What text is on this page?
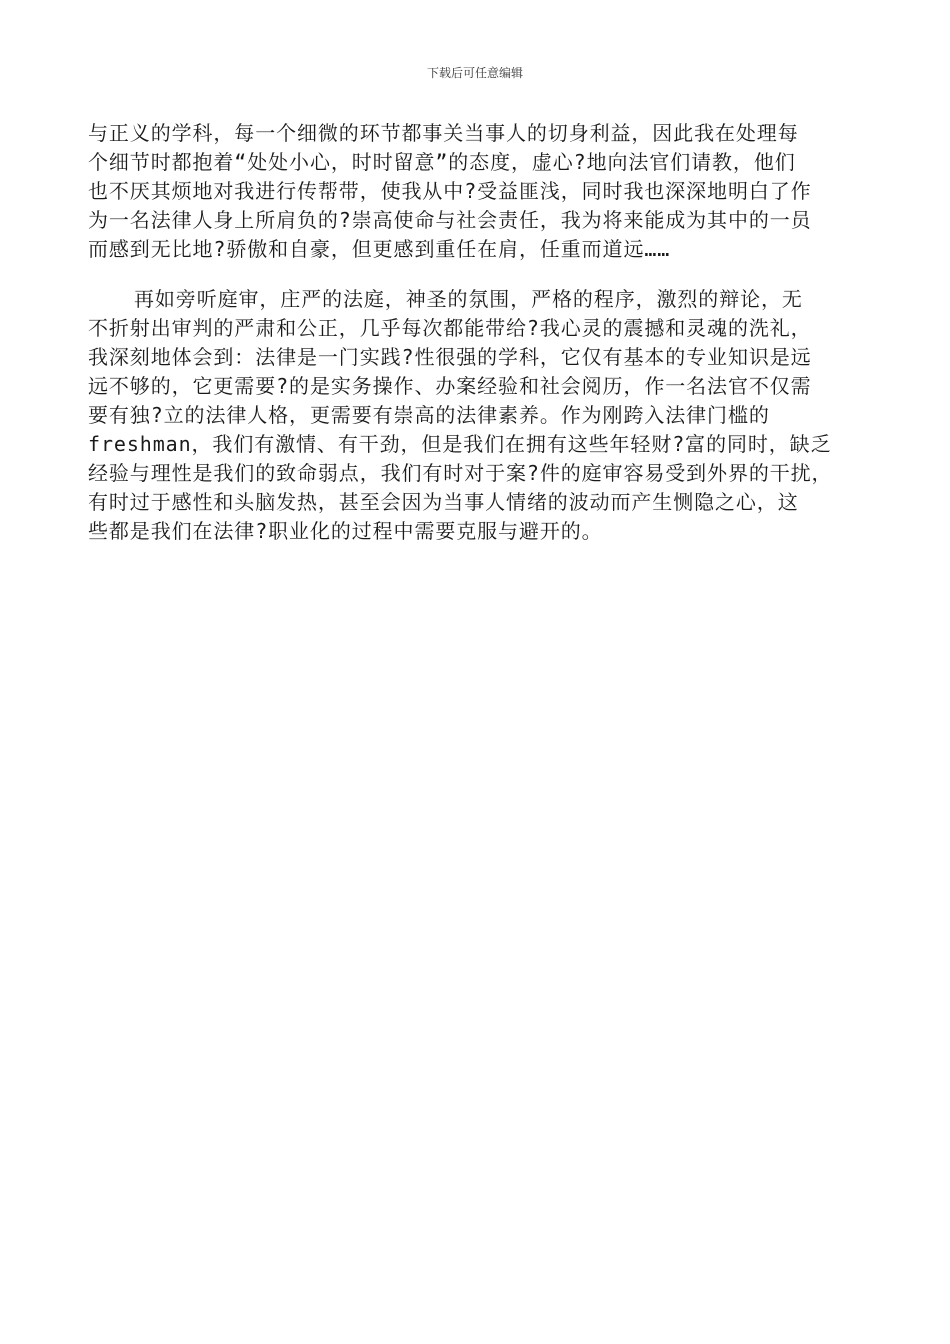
下载后可任意编辑
与正义的学科，每一个细微的环节都事关当事人的切身利益，因此我在处理每
个细节时都抱着“处处小心，时时留意”的态度，虚心?地向法官们请教，他们
也不厌其烦地对我进行传帮带，使我从中?受益匪浅，同时我也深深地明白了作
为一名法律人身上所肩负的?崇高使命与社会责任，我为将来能成为其中的一员
而感到无比地?骄傲和自豪，但更感到重任在肩，任重而道远……
再如旁听庭审，庄严的法庭，神圣的氛围，严格的程序，激烈的辩论，无
不折射出审判的严肃和公正，几乎每次都能带给?我心灵的震撼和灵魂的洗礼，
我深刻地体会到：法律是一门实践?性很强的学科，它仅有基本的专业知识是远
远不够的，它更需要?的是实务操作、办案经验和社会阅历，作一名法官不仅需
要有独?立的法律人格，更需要有崇高的法律素养。作为刚跨入法律门槛的
freshman，我们有激情、有干劲，但是我们在拥有这些年轻财?富的同时，缺乏
经验与理性是我们的致命弱点，我们有时对于案?件的庭审容易受到外界的干扰，
有时过于感性和头脑发热，甚至会因为当事人情绪的波动而产生恻隐之心，这
些都是我们在法律?职业化的过程中需要克服与避开的。
